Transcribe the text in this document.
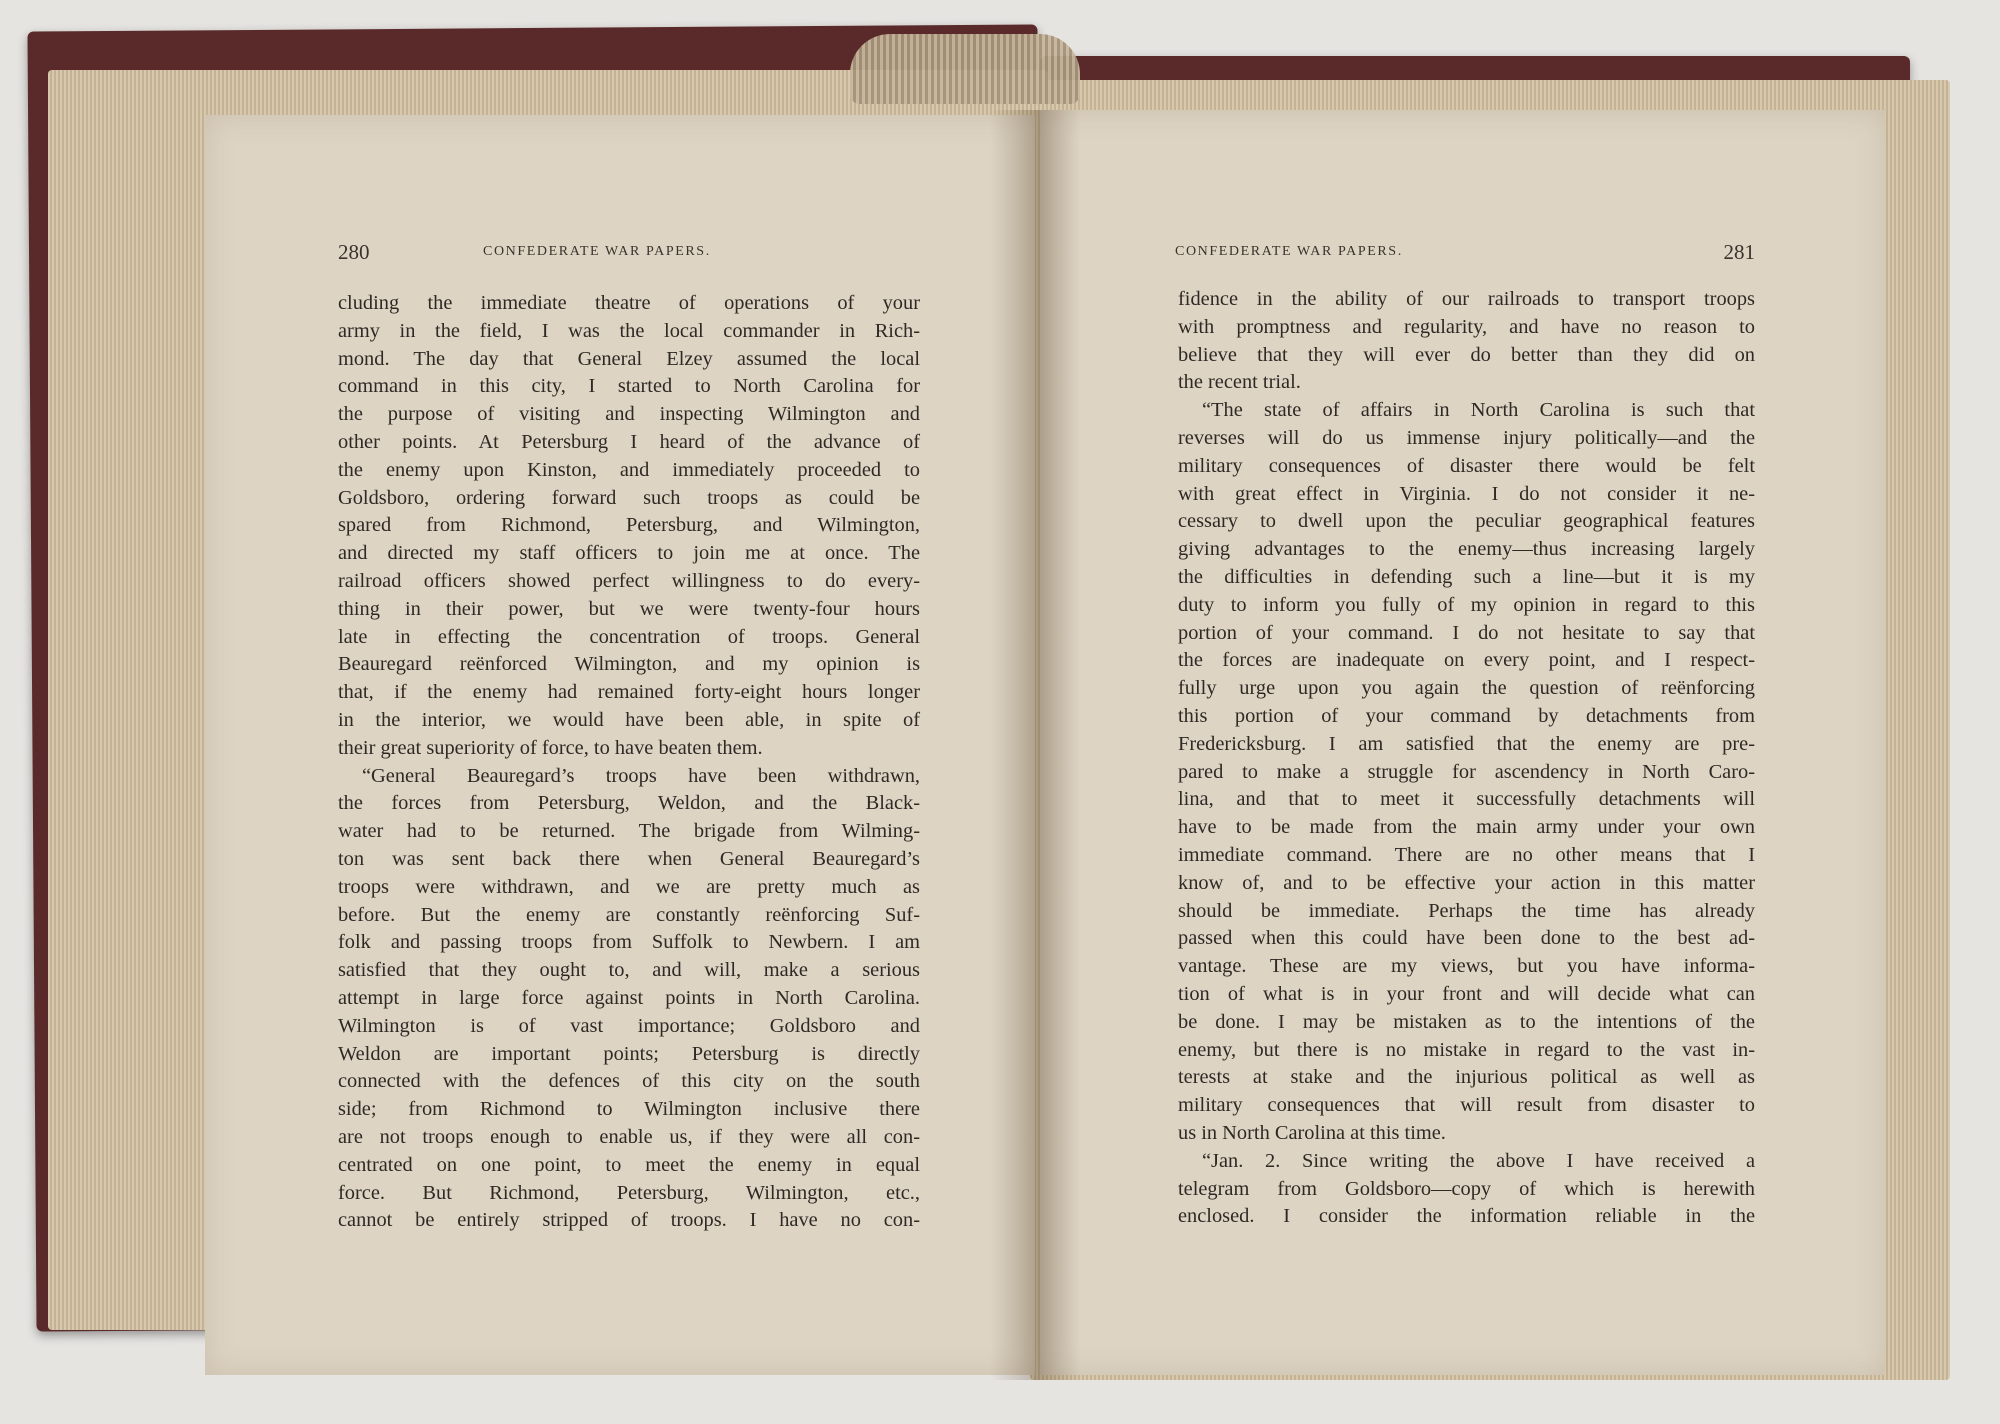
280	CONFEDERATE WAR PAPERS.	CONFEDERATE WAR PAPERS.	281
cluding the immediate theatre of operations of your
army in the field, I was the local commander in Rich-
mond. The day that General Elzey assumed the local
command in this city, I started to North Carolina for
the purpose of visiting and inspecting Wilmington and
other points. At Petersburg I heard of the advance of
the enemy upon Kinston, and immediately proceeded to
Goldsboro, ordering forward such troops as could be
spared from Richmond, Petersburg, and Wilmington,
and directed my staff officers to join me at once. The
railroad officers showed perfect willingness to do every-
thing in their power, but we were twenty-four hours
late in effecting the concentration of troops. General
Beauregard reënforced Wilmington, and my opinion is
that, if the enemy had remained forty-eight hours longer
in the interior, we would have been able, in spite of
their great superiority of force, to have beaten them.
“General Beauregard’s troops have been withdrawn,
the forces from Petersburg, Weldon, and the Black-
water had to be returned. The brigade from Wilming-
ton was sent back there when General Beauregard’s
troops were withdrawn, and we are pretty much as
before. But the enemy are constantly reënforcing Suf-
folk and passing troops from Suffolk to Newbern. I am
satisfied that they ought to, and will, make a serious
attempt in large force against points in North Carolina.
Wilmington is of vast importance; Goldsboro and
Weldon are important points; Petersburg is directly
connected with the defences of this city on the south
side; from Richmond to Wilmington inclusive there
are not troops enough to enable us, if they were all con-
centrated on one point, to meet the enemy in equal
force. But Richmond, Petersburg, Wilmington, etc.,
cannot be entirely stripped of troops. I have no con-
fidence in the ability of our railroads to transport troops
with promptness and regularity, and have no reason to
believe that they will ever do better than they did on
the recent trial.
“The state of affairs in North Carolina is such that
reverses will do us immense injury politically—and the
military consequences of disaster there would be felt
with great effect in Virginia. I do not consider it ne-
cessary to dwell upon the peculiar geographical features
giving advantages to the enemy—thus increasing largely
the difficulties in defending such a line—but it is my
duty to inform you fully of my opinion in regard to this
portion of your command. I do not hesitate to say that
the forces are inadequate on every point, and I respect-
fully urge upon you again the question of reënforcing
this portion of your command by detachments from
Fredericksburg. I am satisfied that the enemy are pre-
pared to make a struggle for ascendency in North Caro-
lina, and that to meet it successfully detachments will
have to be made from the main army under your own
immediate command. There are no other means that I
know of, and to be effective your action in this matter
should be immediate. Perhaps the time has already
passed when this could have been done to the best ad-
vantage. These are my views, but you have informa-
tion of what is in your front and will decide what can
be done. I may be mistaken as to the intentions of the
enemy, but there is no mistake in regard to the vast in-
terests at stake and the injurious political as well as
military consequences that will result from disaster to
us in North Carolina at this time.
“Jan. 2. Since writing the above I have received a
telegram from Goldsboro—copy of which is herewith
enclosed. I consider the information reliable in the
